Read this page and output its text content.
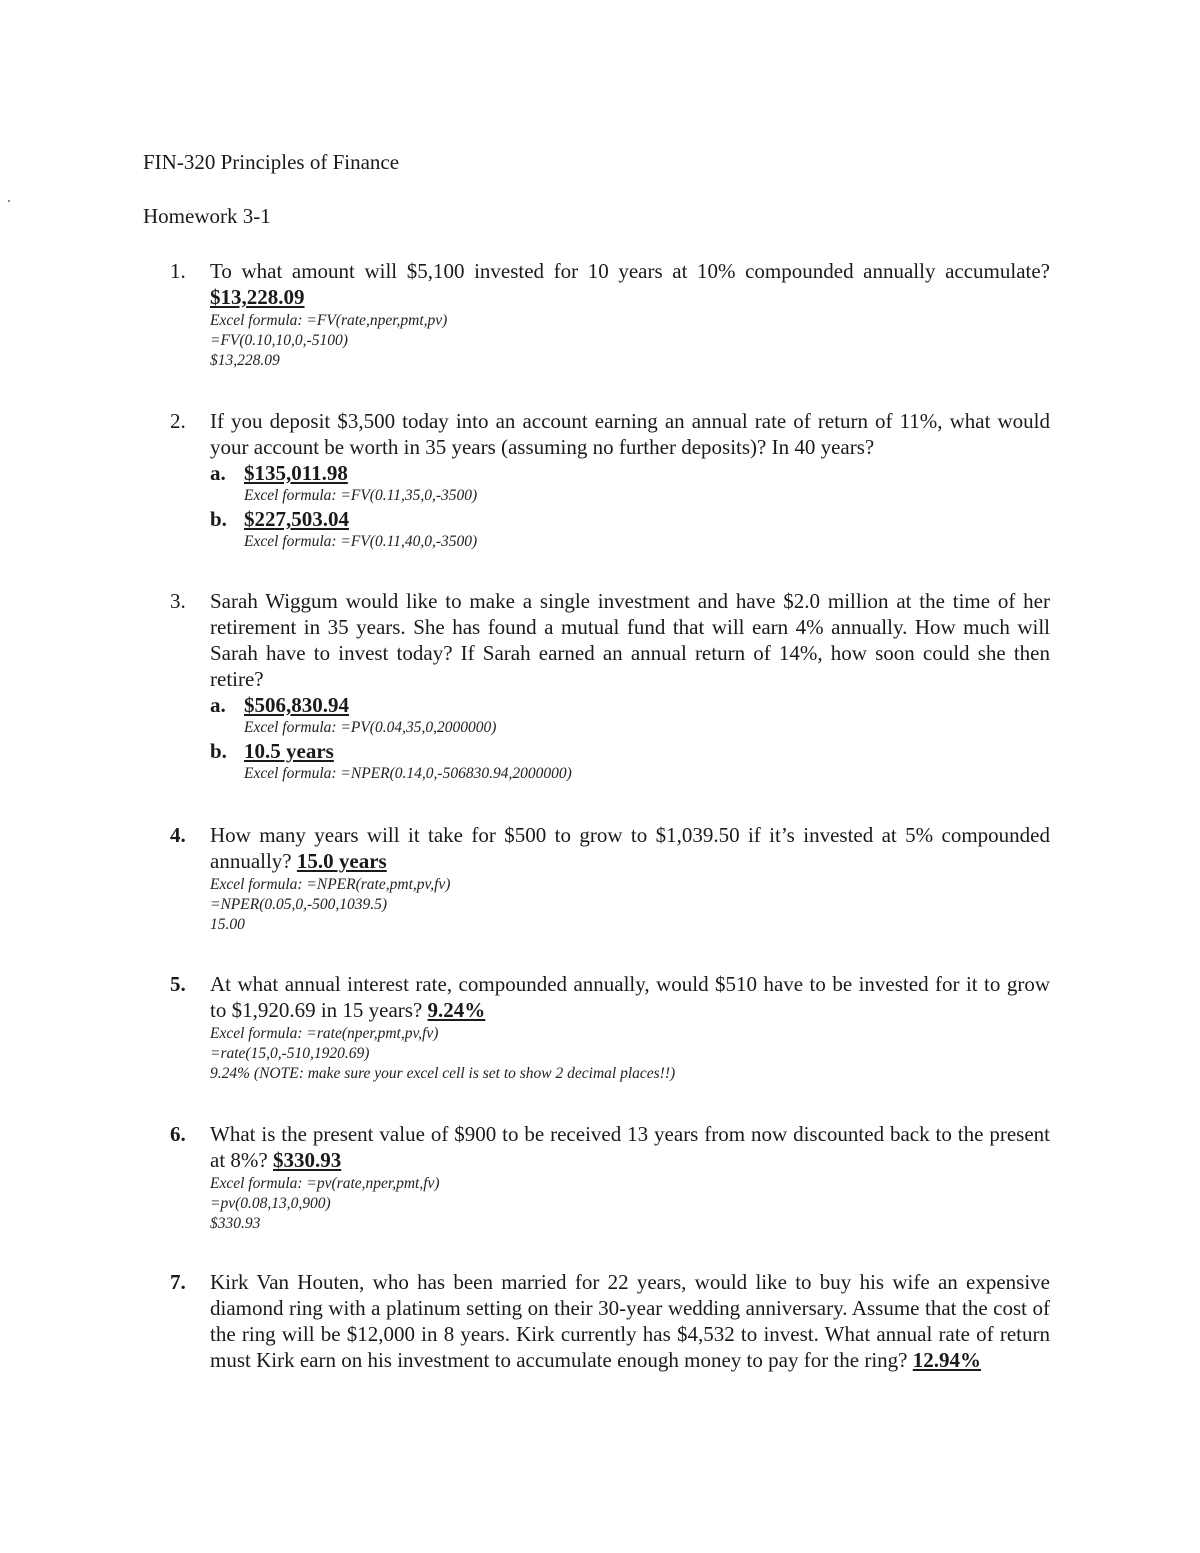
FIN-320 Principles of Finance
Homework 3-1
1.	To what amount will $5,100 invested for 10 years at 10% compounded annually accumulate? $13,228.09

Excel formula: =FV(rate,nper,pmt,pv)

=FV(0.10,10,0,-5100)

$13,228.09

2.	If you deposit $3,500 today into an account earning an annual rate of return of 11%, what would your account be worth in 35 years (assuming no further deposits)? In 40 years?

a. $135,011.98
Excel formula: =FV(0.11,35,0,-3500)
b. $227,503.04
Excel formula: =FV(0.11,40,0,-3500)
3.	Sarah Wiggum would like to make a single investment and have $2.0 million at the time of her retirement in 35 years. She has found a mutual fund that will earn 4% annually. How much will Sarah have to invest today? If Sarah earned an annual return of 14%, how soon could she then retire?

a. $506,830.94
Excel formula: =PV(0.04,35,0,2000000)
b. 10.5 years
Excel formula: =NPER(0.14,0,-506830.94,2000000)
4.	How many years will it take for $500 to grow to $1,039.50 if it’s invested at 5% compounded annually? 15.0 years

Excel formula: =NPER(rate,pmt,pv,fv)

=NPER(0.05,0,-500,1039.5)

15.00

5.	At what annual interest rate, compounded annually, would $510 have to be invested for it to grow to $1,920.69 in 15 years? 9.24%

Excel formula: =rate(nper,pmt,pv,fv)

=rate(15,0,-510,1920.69)

9.24% (NOTE: make sure your excel cell is set to show 2 decimal places!!)

6.	What is the present value of $900 to be received 13 years from now discounted back to the present at 8%? $330.93

Excel formula: =pv(rate,nper,pmt,fv)

=pv(0.08,13,0,900)

$330.93

7.	Kirk Van Houten, who has been married for 22 years, would like to buy his wife an expensive diamond ring with a platinum setting on their 30-year wedding anniversary. Assume that the cost of the ring will be $12,000 in 8 years. Kirk currently has $4,532 to invest. What annual rate of return must Kirk earn on his investment to accumulate enough money to pay for the ring? 12.94%
